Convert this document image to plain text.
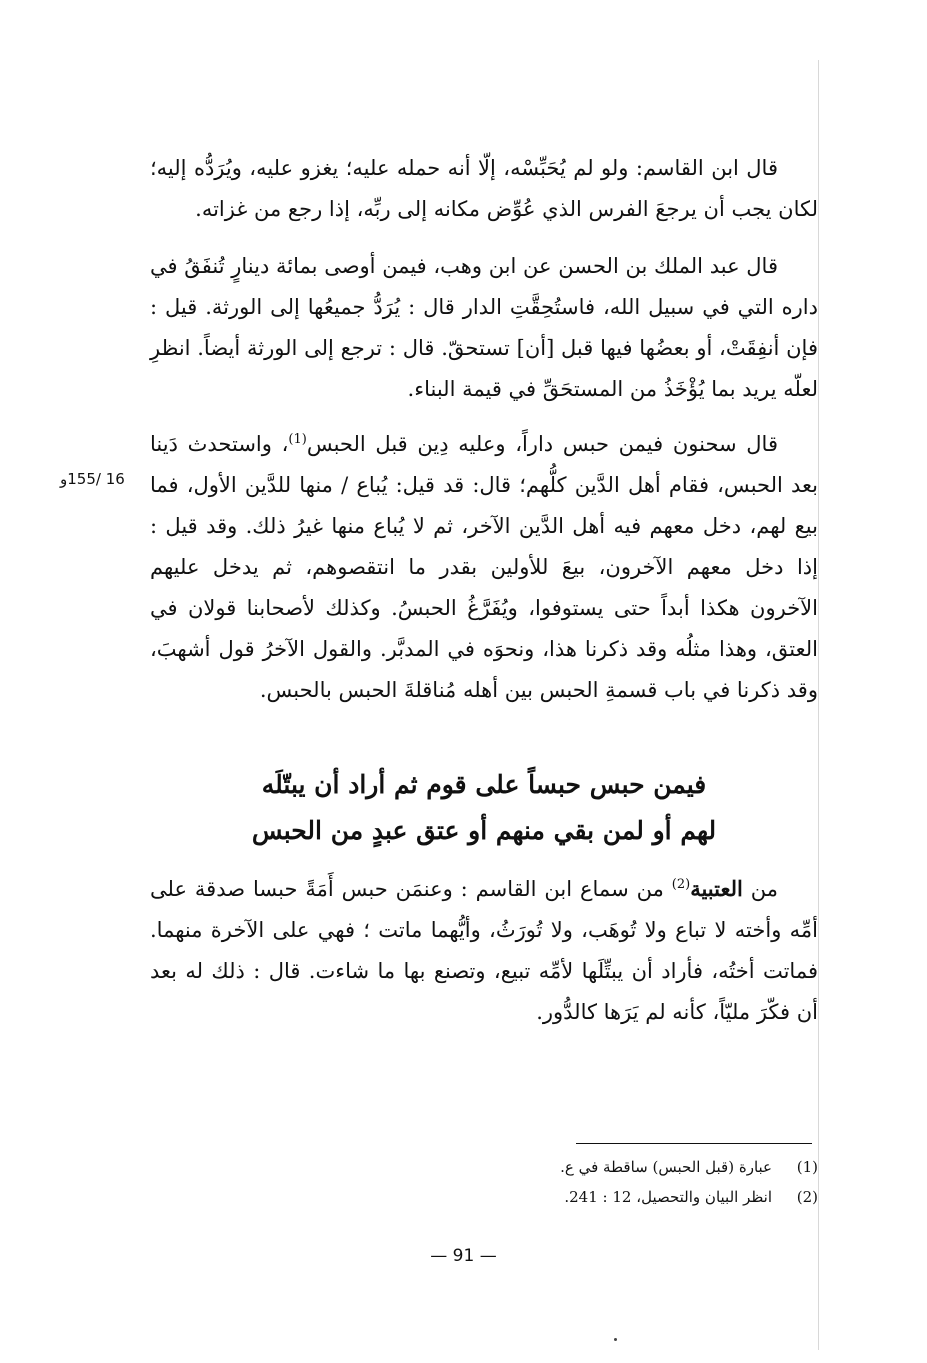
قال ابن القاسم: ولو لم يُحَبِّسْه، إلّا أنه حمله عليه؛ يغزو عليه، ويُرَدُّه إليه؛ لكان يجب أن يرجعَ الفرس الذي عُوِّض مكانه إلى ربِّه، إذا رجع من غزاته.

قال عبد الملك بن الحسن عن ابن وهب، فيمن أوصى بمائة دينارٍ تُنفَقُ في داره التي في سبيل الله، فاستُحِقَّتِ الدار قال : يُرَدُّ جميعُها إلى الورثة. قيل : فإن أنفِقَتْ، أو بعضُها فيها قبل [أن] تستحقّ. قال : ترجع إلى الورثة أيضاً. انظرِ لعلّه يريد بما يُؤْخَذُ من المستحَقِّ في قيمة البناء.

قال سحنون فيمن حبس داراً، وعليه دِين قبل الحبس$^{(1)}$، واستحدث دَينا بعد الحبس، فقام أهل الدَّين كلُّهم؛ قال: قد قيل: يُباع / منها للدَّين الأول، فما بيع لهم، دخل معهم فيه أهل الدَّين الآخر، ثم لا يُباع منها غيرُ ذلك. وقد قيل : إذا دخل معهم الآخرون، بيعَ للأولين بقدر ما انتقصوهم، ثم يدخل عليهم الآخرون هكذا أبداً حتى يستوفوا، ويُفَرَّغُ الحبسُ. وكذلك لأصحابنا قولان في العتق، وهذا مثلُه وقد ذكرنا هذا، ونحوَه في المدبَّر. والقول الآخرُ قول أشهبَ، وقد ذكرنا في باب قسمةِ الحبس بين أهله مُناقلةَ الحبس بالحبس.

16 /155و
فيمن حبس حبساً على قوم ثم أراد أن يبتّلَه
لهم أو لمن بقي منهم أو عتق عبدٍ من الحبس

من العتبية$^{(2)}$ من سماع ابن القاسم : وعنمَن حبس أَمَةً حبسا صدقة على أمِّه وأخته لا تباع ولا تُوهَب، ولا تُورَثُ، وأيُّهما ماتت ؛ فهي على الآخرة منهما. فماتت أختُه، فأراد أن يبتِّلَها لأمِّه تبيع، وتصنع بها ما شاءت. قال : ذلك له بعد أن فكّرَ مليّاً، كأنه لم يَرَها كالدُّور.

(1)
عبارة (قبل الحبس) ساقطة في ع.
(2)
انظر البيان والتحصيل، 12 : 241.
— 91 —
